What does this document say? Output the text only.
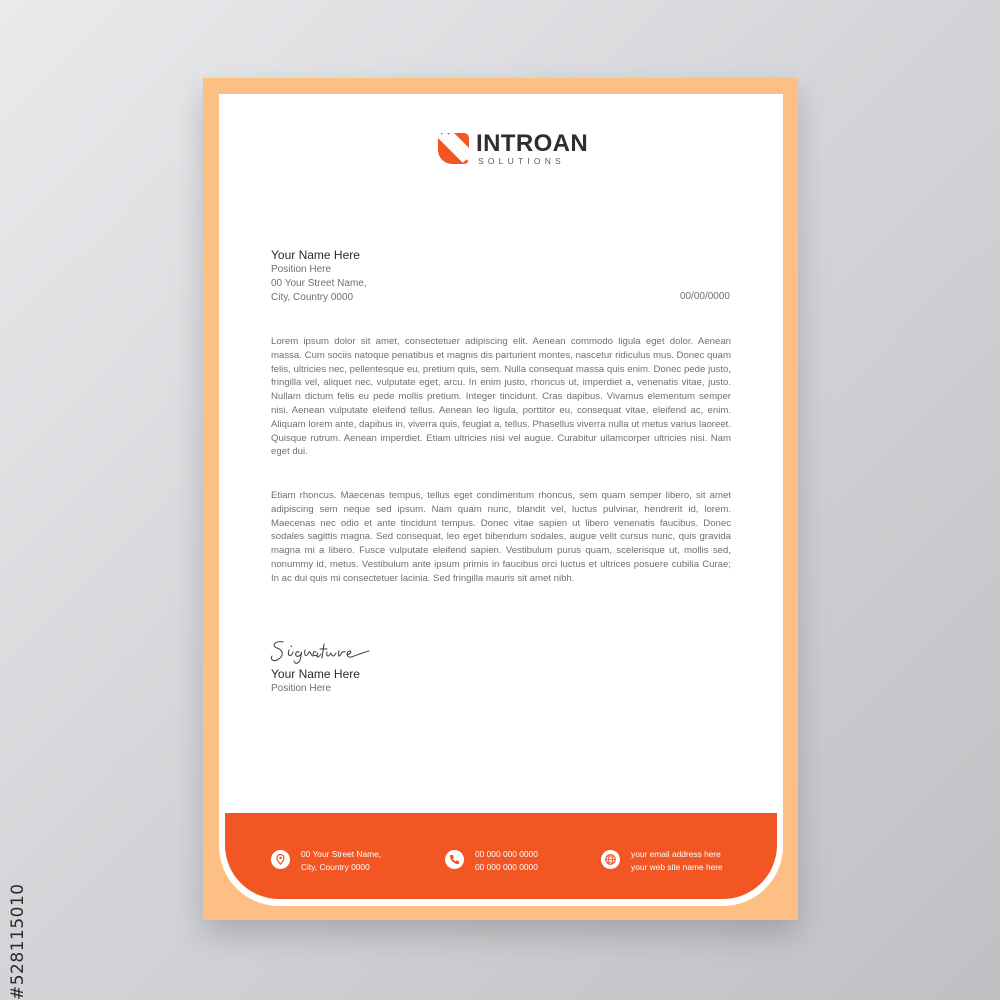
#528115010
INTROAN
SOLUTIONS
Your Name Here
Position Here
00 Your Street Name,
City, Country 0000	00/00/0000

Lorem ipsum dolor sit amet, consectetuer adipiscing elit. Aenean commodo ligula eget dolor. Aenean massa. Cum sociis natoque penatibus et magnis dis parturient montes, nascetur ridiculus mus. Donec quam felis, ultricies nec, pellentesque eu, pretium quis, sem. Nulla consequat massa quis enim. Donec pede justo, fringilla vel, aliquet nec, vulputate eget, arcu. In enim justo, rhoncus ut, imperdiet a, venenatis vitae, justo. Nullam dictum felis eu pede mollis pretium. Integer tincidunt. Cras dapibus. Vivamus elementum semper nisi. Aenean vulputate eleifend tellus. Aenean leo ligula, porttitor eu, consequat vitae, eleifend ac, enim. Aliquam lorem ante, dapibus in, viverra quis, feugiat a, tellus. Phasellus viverra nulla ut metus varius laoreet. Quisque rutrum. Aenean imperdiet. Etiam ultricies nisi vel augue. Curabitur ullamcorper ultricies nisi. Nam eget dui.

Etiam rhoncus. Maecenas tempus, tellus eget condimentum rhoncus, sem quam semper libero, sit amet adipiscing sem neque sed ipsum. Nam quam nunc, blandit vel, luctus pulvinar, hendrerit id, lorem. Maecenas nec odio et ante tincidunt tempus. Donec vitae sapien ut libero venenatis faucibus. Donec sodales sagittis magna. Sed consequat, leo eget bibendum sodales, augue velit cursus nunc, quis gravida magna mi a libero. Fusce vulputate eleifend sapien. Vestibulum purus quam, scelerisque ut, mollis sed, nonummy id, metus. Vestibulum ante ipsum primis in faucibus orci luctus et ultrices posuere cubilia Curae; In ac dui quis mi consectetuer lacinia. Sed fringilla mauris sit amet nibh.

Your Name Here
Position Here
00 Your Street Name,
City, Country 0000
00 000 000 0000
00 000 000 0000
your email address here
your web site name here
